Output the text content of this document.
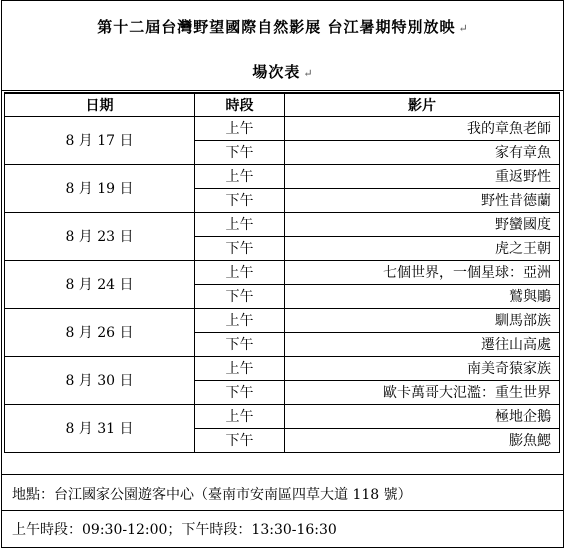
第十二屆台灣野望國際自然影展 台江暑期特別放映 ↵
場次表 ↵
日期	時段	影片
8 月 17 日	上午	我的章魚老師
	下午	家有章魚
8 月 19 日	上午	重返野性
	下午	野性昔德蘭
8 月 23 日	上午	野蠻國度
	下午	虎之王朝
8 月 24 日	上午	七個世界，一個星球：亞洲
	下午	鷲與鵰
8 月 26 日	上午	馴馬部族
	下午	遷往山高處
8 月 30 日	上午	南美奇猿家族
	下午	歐卡萬哥大氾濫：重生世界
8 月 31 日	上午	極地企鵝
	下午	膨魚鰓
地點：台江國家公園遊客中心（臺南市安南區四草大道 118 號）
上午時段：09:30-12:00；下午時段：13:30-16:30
